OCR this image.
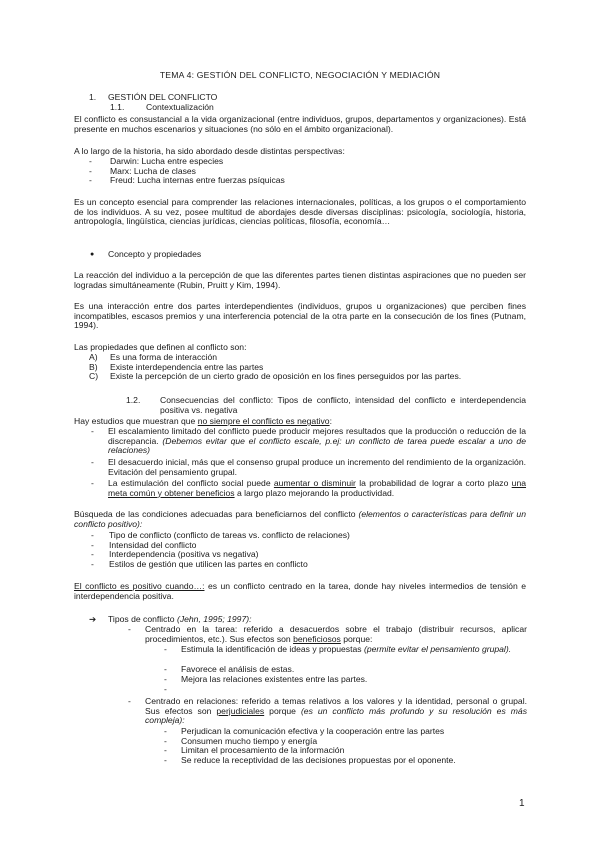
TEMA 4: GESTIÓN DEL CONFLICTO, NEGOCIACIÓN Y MEDIACIÓN
1. GESTIÓN DEL CONFLICTO
1.1.	Contextualización
El conflicto es consustancial a la vida organizacional (entre individuos, grupos, departamentos y organizaciones). Está presente en muchos escenarios y situaciones (no sólo en el ámbito organizacional).
A lo largo de la historia, ha sido abordado desde distintas perspectivas:
- Darwin: Lucha entre especies
- Marx: Lucha de clases
- Freud: Lucha internas entre fuerzas psíquicas
Es un concepto esencial para comprender las relaciones internacionales, políticas, a los grupos o el comportamiento de los individuos. A su vez, posee multitud de abordajes desde diversas disciplinas: psicología, sociología, historia, antropología, lingüística, ciencias jurídicas, ciencias políticas, filosofía, economía…
● Concepto y propiedades
La reacción del individuo a la percepción de que las diferentes partes tienen distintas aspiraciones que no pueden ser logradas simultáneamente (Rubin, Pruitt y Kim, 1994).
Es una interacción entre dos partes interdependientes (individuos, grupos u organizaciones) que perciben fines incompatibles, escasos premios y una interferencia potencial de la otra parte en la consecución de los fines (Putnam, 1994).
Las propiedades que definen al conflicto son:
A) Es una forma de interacción
B) Existe interdependencia entre las partes
C) Existe la percepción de un cierto grado de oposición en los fines perseguidos por las partes.
1.2. Consecuencias del conflicto: Tipos de conflicto, intensidad del conflicto e interdependencia positiva vs. negativa
Hay estudios que muestran que no siempre el conflicto es negativo:
- El escalamiento limitado del conflicto puede producir mejores resultados que la producción o reducción de la discrepancia. (Debemos evitar que el conflicto escale, p.ej: un conflicto de tarea puede escalar a uno de relaciones)
- El desacuerdo inicial, más que el consenso grupal produce un incremento del rendimiento de la organización. Evitación del pensamiento grupal.
- La estimulación del conflicto social puede aumentar o disminuir la probabilidad de lograr a corto plazo una meta común y obtener beneficios a largo plazo mejorando la productividad.
Búsqueda de las condiciones adecuadas para beneficiarnos del conflicto (elementos o características para definir un conflicto positivo):
- Tipo de conflicto (conflicto de tareas vs. conflicto de relaciones)
- Intensidad del conflicto
- Interdependencia (positiva vs negativa)
- Estilos de gestión que utilicen las partes en conflicto
El conflicto es positivo cuando…: es un conflicto centrado en la tarea, donde hay niveles intermedios de tensión e interdependencia positiva.
➔ Tipos de conflicto (Jehn, 1995; 1997):
- Centrado en la tarea: referido a desacuerdos sobre el trabajo (distribuir recursos, aplicar procedimientos, etc.). Sus efectos son beneficiosos porque:
- Estimula la identificación de ideas y propuestas (permite evitar el pensamiento grupal).
- Favorece el análisis de estas.
- Mejora las relaciones existentes entre las partes.
-
- Centrado en relaciones: referido a temas relativos a los valores y la identidad, personal o grupal. Sus efectos son perjudiciales porque (es un conflicto más profundo y su resolución es más compleja):
- Perjudican la comunicación efectiva y la cooperación entre las partes
- Consumen mucho tiempo y energía
- Limitan el procesamiento de la información
- Se reduce la receptividad de las decisiones propuestas por el oponente.
1
